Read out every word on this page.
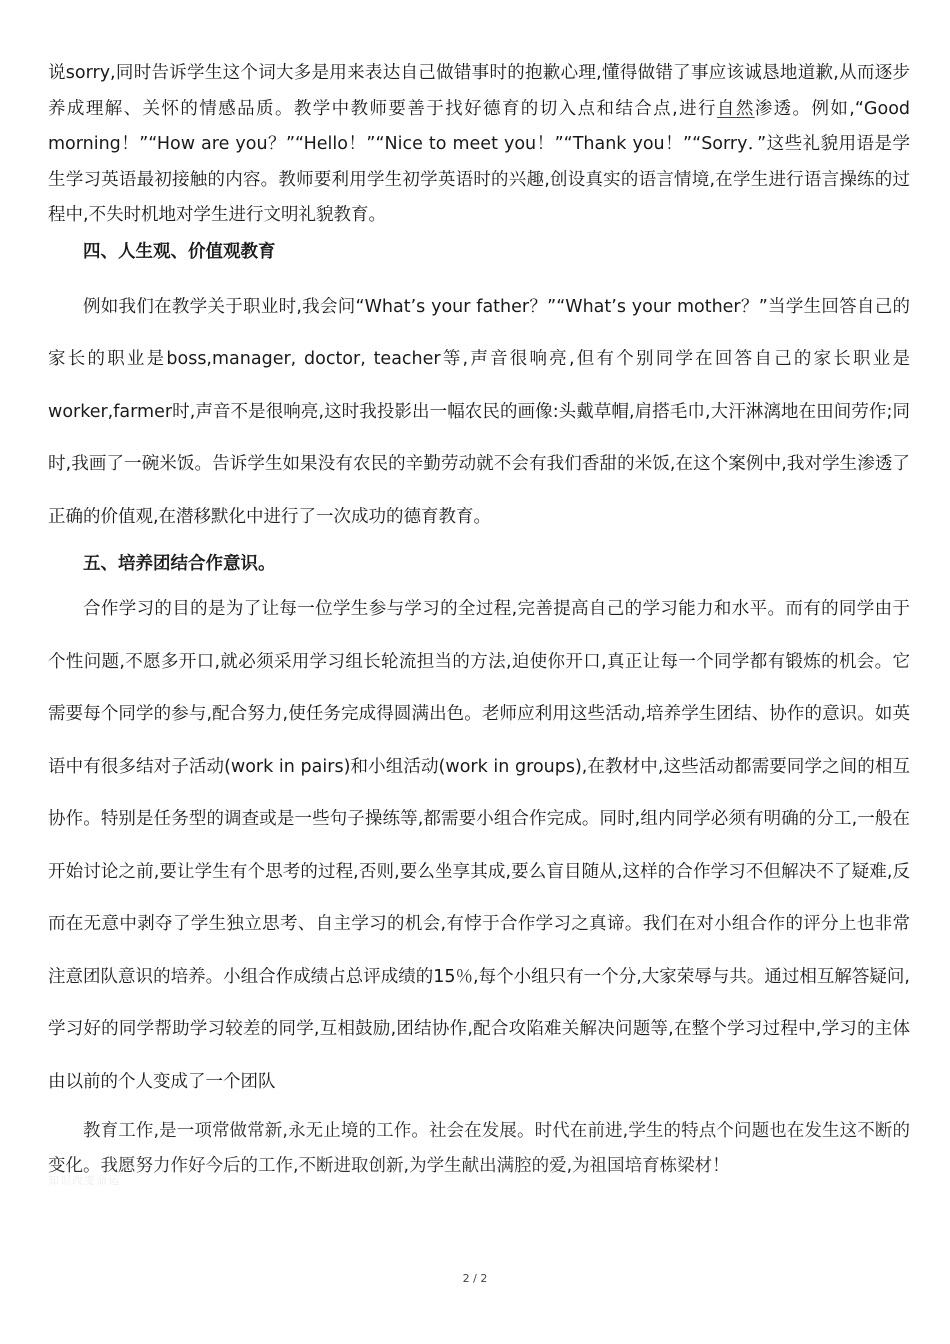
说sorry,同时告诉学生这个词大多是用来表达自己做错事时的抱歉心理,懂得做错了事应该诚恳地道歉,从而逐步养成理解、关怀的情感品质。教学中教师要善于找好德育的切入点和结合点,进行自然渗透。例如,“Good morning！”“How are you？”“Hello！”“Nice to meet you！”“Thank you！”“Sorry．”这些礼貌用语是学生学习英语最初接触的内容。教师要利用学生初学英语时的兴趣,创设真实的语言情境,在学生进行语言操练的过程中,不失时机地对学生进行文明礼貌教育。

四、人生观、价值观教育

例如我们在教学关于职业时,我会问“What’s your father？”“What’s your mother？”当学生回答自己的家长的职业是boss,manager, doctor, teacher等,声音很响亮,但有个别同学在回答自己的家长职业是worker,farmer时,声音不是很响亮,这时我投影出一幅农民的画像:头戴草帽,肩搭毛巾,大汗淋漓地在田间劳作;同时,我画了一碗米饭。告诉学生如果没有农民的辛勤劳动就不会有我们香甜的米饭,在这个案例中,我对学生渗透了正确的价值观,在潜移默化中进行了一次成功的德育教育。

五、培养团结合作意识。

合作学习的目的是为了让每一位学生参与学习的全过程,完善提高自己的学习能力和水平。而有的同学由于个性问题,不愿多开口,就必须采用学习组长轮流担当的方法,迫使你开口,真正让每一个同学都有锻炼的机会。它需要每个同学的参与,配合努力,使任务完成得圆满出色。老师应利用这些活动,培养学生团结、协作的意识。如英语中有很多结对子活动(work in pairs)和小组活动(work in groups),在教材中,这些活动都需要同学之间的相互协作。特别是任务型的调查或是一些句子操练等,都需要小组合作完成。同时,组内同学必须有明确的分工,一般在开始讨论之前,要让学生有个思考的过程,否则,要么坐享其成,要么盲目随从,这样的合作学习不但解决不了疑难,反而在无意中剥夺了学生独立思考、自主学习的机会,有悖于合作学习之真谛。我们在对小组合作的评分上也非常注意团队意识的培养。小组合作成绩占总评成绩的15％,每个小组只有一个分,大家荣辱与共。通过相互解答疑问,学习好的同学帮助学习较差的同学,互相鼓励,团结协作,配合攻陷难关解决问题等,在整个学习过程中,学习的主体由以前的个人变成了一个团队

教育工作,是一项常做常新,永无止境的工作。社会在发展。时代在前进,学生的特点个问题也在发生这不断的变化。我愿努力作好今后的工作,不断进取创新,为学生献出满腔的爱,为祖国培育栋梁材！

知识改变命运
2 / 2
